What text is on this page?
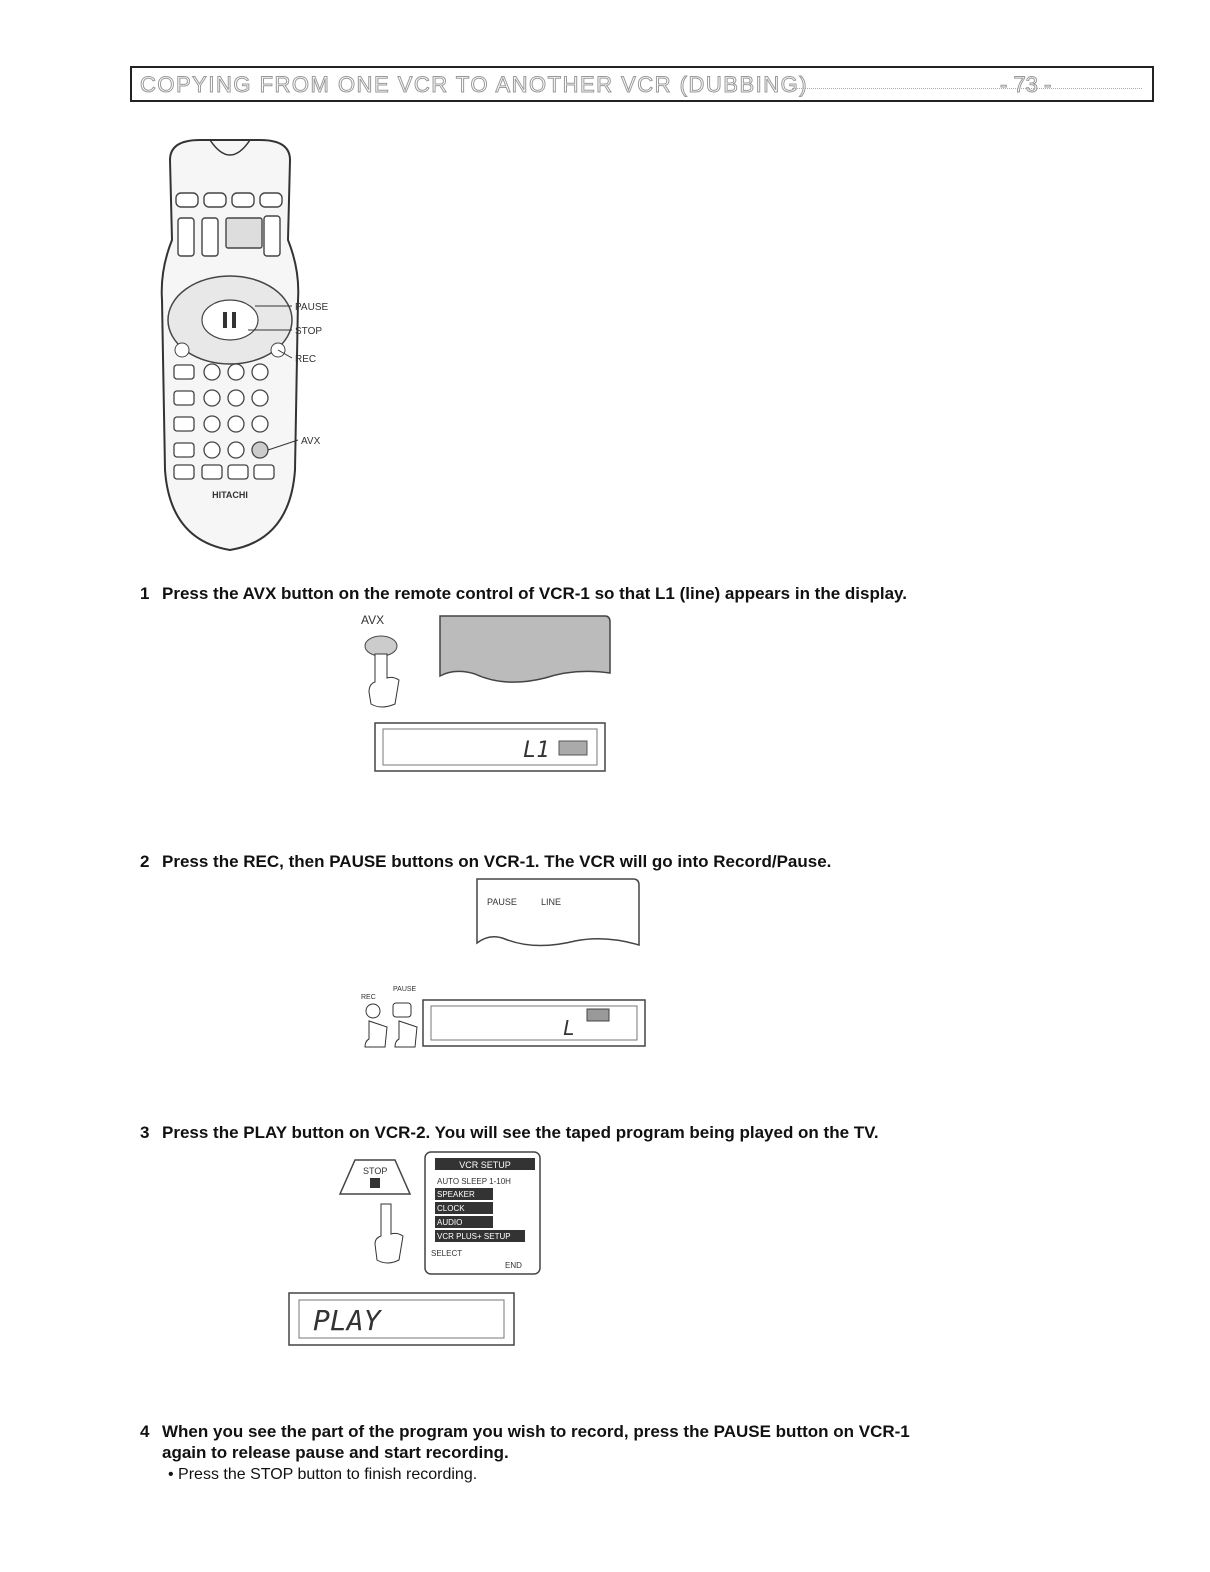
COPYING FROM ONE VCR TO ANOTHER VCR (DUBBING)	- 73 -
HITACHI
PAUSE
STOP
REC
AVX
1 Press the AVX button on the remote control of VCR-1 so that L1 (line) appears in the display.
AVX
L1
2 Press the REC, then PAUSE buttons on VCR-1. The VCR will go into Record/Pause.
PAUSE	LINE
REC
PAUSE
L
3 Press the PLAY button on VCR-2. You will see the taped program being played on the TV.
STOP
VCR SETUP
AUTO SLEEP 1-10H
SPEAKER
CLOCK
AUDIO
VCR PLUS+ SETUP
SELECT
END
PLAY
4 When you see the part of the program you wish to record, press the PAUSE button on VCR-1
again to release pause and start recording.
• Press the STOP button to finish recording.
